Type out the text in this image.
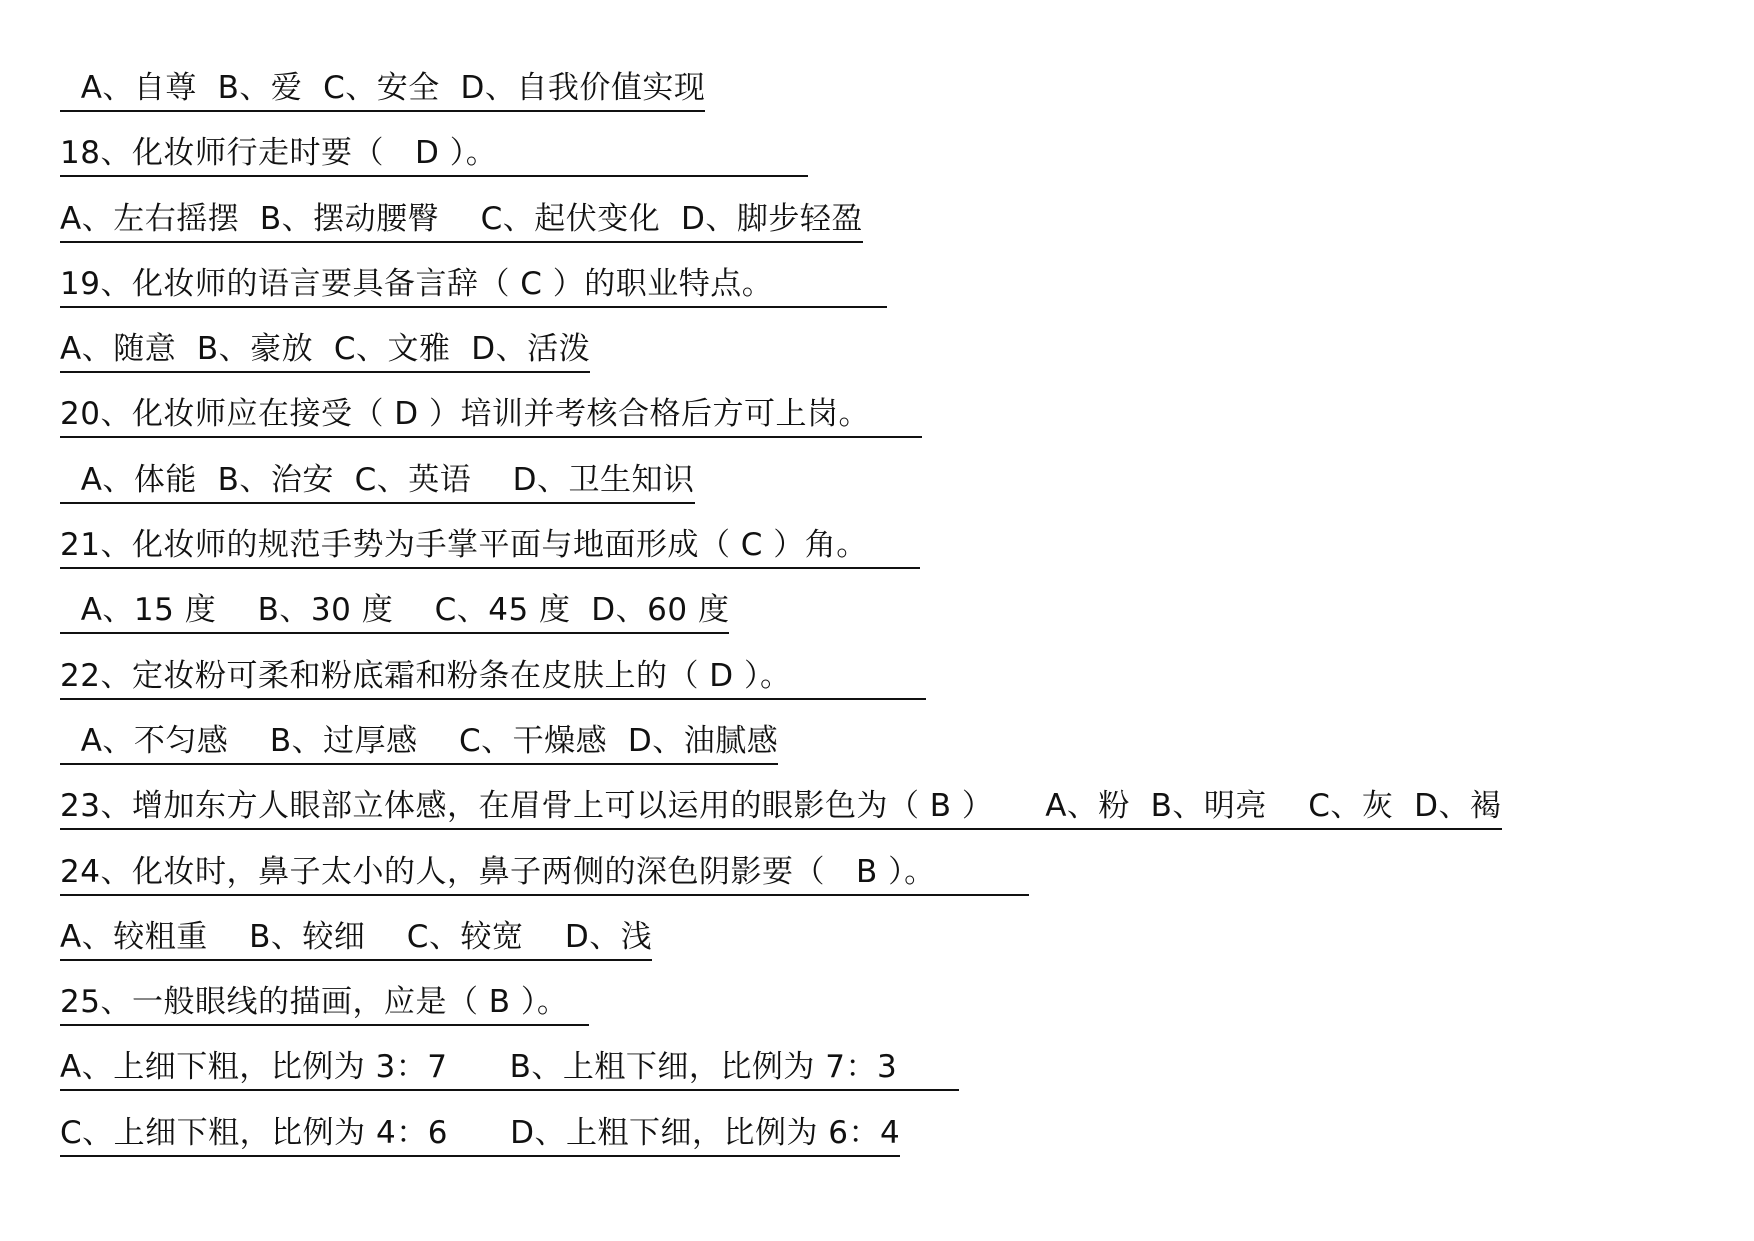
A、自尊  B、爱  C、安全  D、自我价值实现
18、化妆师行走时要（   D ）。
A、左右摇摆  B、摆动腰臀    C、起伏变化  D、脚步轻盈
19、化妆师的语言要具备言辞（ C ）的职业特点。
A、随意  B、豪放  C、文雅  D、活泼
20、化妆师应在接受（ D ）培训并考核合格后方可上岗。
A、体能  B、治安  C、英语    D、卫生知识
21、化妆师的规范手势为手掌平面与地面形成（ C ）角。
A、15 度    B、30 度    C、45 度  D、60 度
22、定妆粉可柔和粉底霜和粉条在皮肤上的（ D ）。
A、不匀感    B、过厚感    C、干燥感  D、油腻感
23、增加东方人眼部立体感，在眉骨上可以运用的眼影色为（ B ）     A、粉  B、明亮    C、灰  D、褐
24、化妆时，鼻子太小的人，鼻子两侧的深色阴影要（   B ）。
A、较粗重    B、较细    C、较宽    D、浅
25、一般眼线的描画，应是（ B ）。
A、上细下粗，比例为 3：7      B、上粗下细，比例为 7：3
C、上细下粗，比例为 4：6      D、上粗下细，比例为 6：4
